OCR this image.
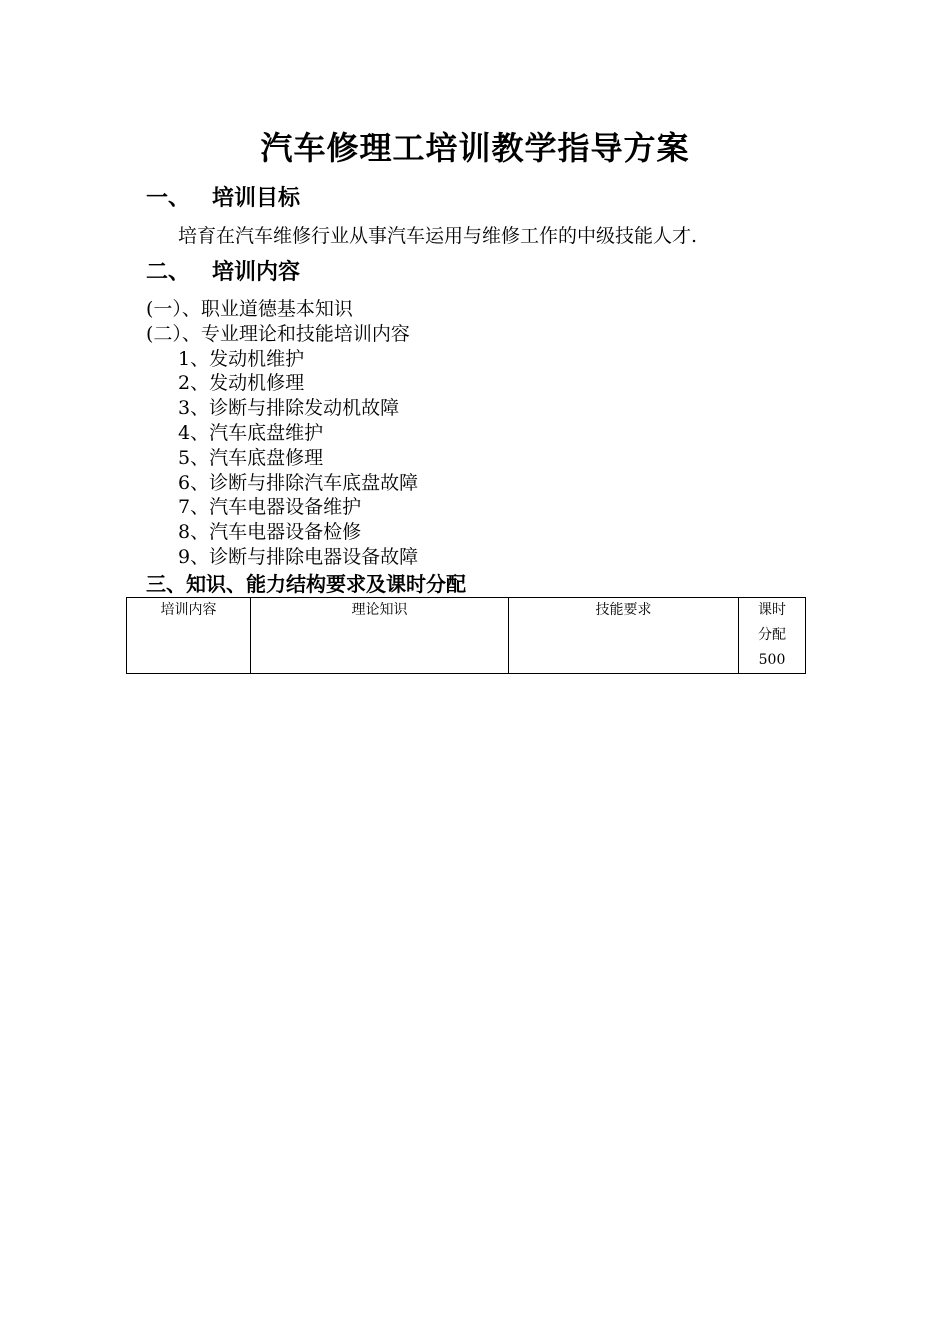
汽车修理工培训教学指导方案
一、 培训目标
培育在汽车维修行业从事汽车运用与维修工作的中级技能人才.
二、 培训内容
(一）、职业道德基本知识
(二）、专业理论和技能培训内容
1、发动机维护
2、发动机修理
3、诊断与排除发动机故障
4、汽车底盘维护
5、汽车底盘修理
6、诊断与排除汽车底盘故障
7、汽车电器设备维护
8、汽车电器设备检修
9、诊断与排除电器设备故障
三、知识、能力结构要求及课时分配
培训内容	理论知识	技能要求	课时
分配
500
